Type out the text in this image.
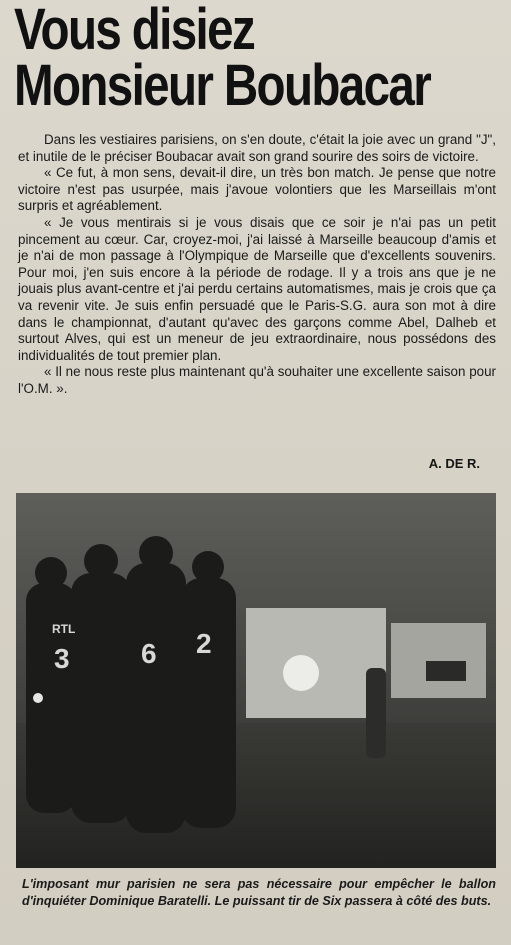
Vous disiez
Monsieur Boubacar

Dans les vestiaires parisiens, on s'en doute, c'était la joie avec un grand "J", et inutile de le préciser Boubacar avait son grand sourire des soirs de victoire.

« Ce fut, à mon sens, devait-il dire, un très bon match. Je pense que notre victoire n'est pas usurpée, mais j'avoue volontiers que les Marseillais m'ont surpris et agréablement.

« Je vous mentirais si je vous disais que ce soir je n'ai pas un petit pincement au cœur. Car, croyez-moi, j'ai laissé à Marseille beaucoup d'amis et je n'ai de mon passage à l'Olympique de Marseille que d'excellents souvenirs. Pour moi, j'en suis encore à la période de rodage. Il y a trois ans que je ne jouais plus avant-centre et j'ai perdu certains automatismes, mais je crois que ça va revenir vite. Je suis enfin persuadé que le Paris-S.G. aura son mot à dire dans le championnat, d'autant qu'avec des garçons comme Abel, Dalheb et surtout Alves, qui est un meneur de jeu extraordinaire, nous possédons des individualités de tout premier plan.

« Il ne nous reste plus maintenant qu'à souhaiter une excellente saison pour l'O.M. ».

A. DE R.
RTL
3	6 2
L'imposant mur parisien ne sera pas nécessaire pour empêcher le ballon d'inquiéter Dominique Baratelli. Le puissant tir de Six passera à côté des buts.
